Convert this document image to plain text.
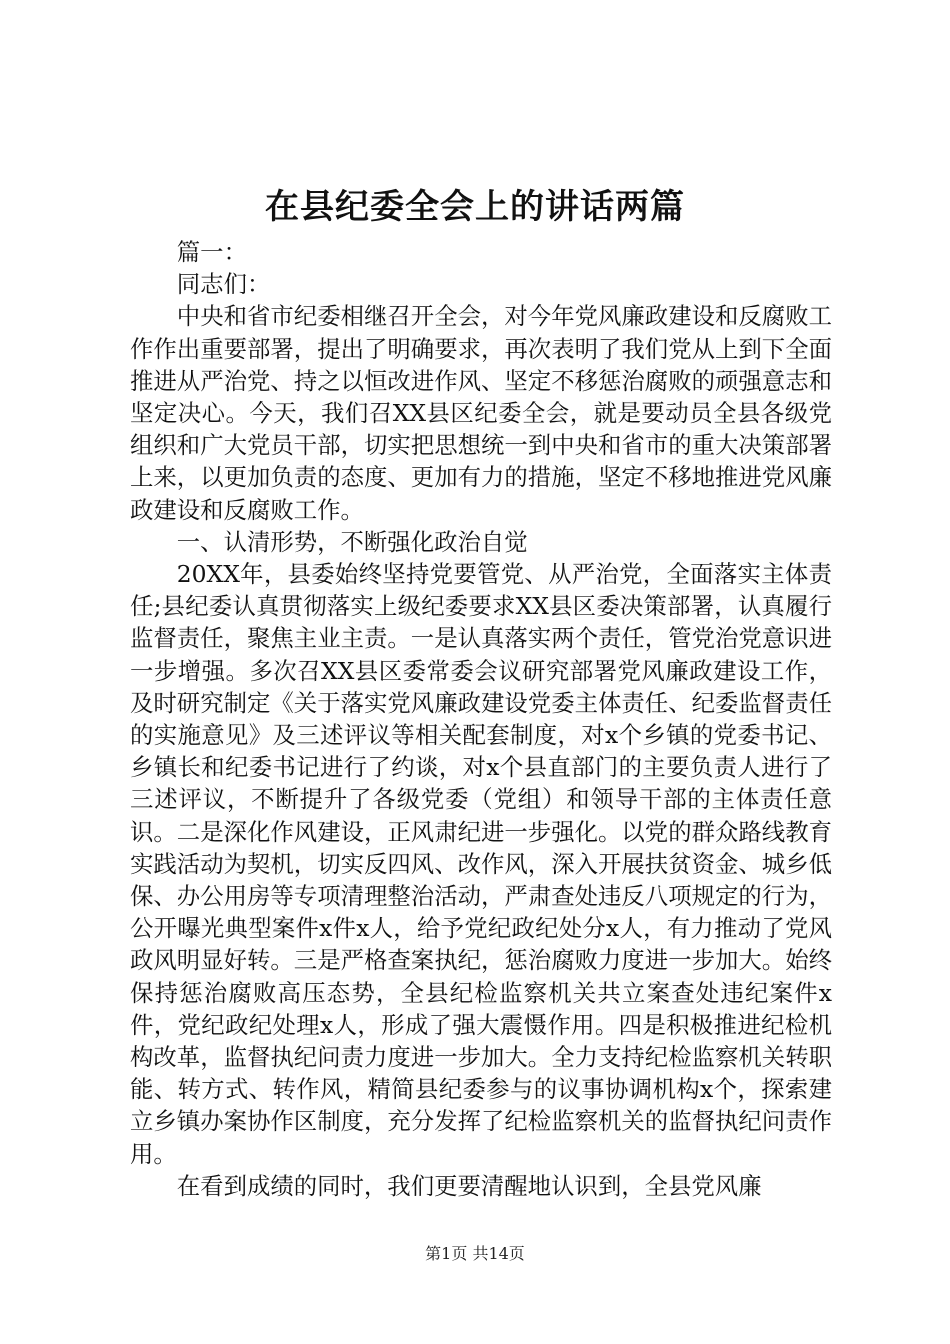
在县纪委全会上的讲话两篇

篇一：

同志们：

中央和省市纪委相继召开全会，对今年党风廉政建设和反腐败工作作出重要部署，提出了明确要求，再次表明了我们党从上到下全面推进从严治党、持之以恒改进作风、坚定不移惩治腐败的顽强意志和坚定决心。今天，我们召XX县区纪委全会，就是要动员全县各级党组织和广大党员干部，切实把思想统一到中央和省市的重大决策部署上来，以更加负责的态度、更加有力的措施，坚定不移地推进党风廉政建设和反腐败工作。

一、认清形势，不断强化政治自觉

20XX年，县委始终坚持党要管党、从严治党，全面落实主体责任;县纪委认真贯彻落实上级纪委要求XX县区委决策部署，认真履行监督责任，聚焦主业主责。一是认真落实两个责任，管党治党意识进一步增强。多次召XX县区委常委会议研究部署党风廉政建设工作，及时研究制定《关于落实党风廉政建设党委主体责任、纪委监督责任的实施意见》及三述评议等相关配套制度，对x个乡镇的党委书记、乡镇长和纪委书记进行了约谈，对x个县直部门的主要负责人进行了三述评议，不断提升了各级党委（党组）和领导干部的主体责任意识。二是深化作风建设，正风肃纪进一步强化。以党的群众路线教育实践活动为契机，切实反四风、改作风，深入开展扶贫资金、城乡低保、办公用房等专项清理整治活动，严肃查处违反八项规定的行为，公开曝光典型案件x件x人，给予党纪政纪处分x人，有力推动了党风政风明显好转。三是严格查案执纪，惩治腐败力度进一步加大。始终保持惩治腐败高压态势，全县纪检监察机关共立案查处违纪案件x件，党纪政纪处理x人，形成了强大震慑作用。四是积极推进纪检机构改革，监督执纪问责力度进一步加大。全力支持纪检监察机关转职能、转方式、转作风，精简县纪委参与的议事协调机构x个，探索建立乡镇办案协作区制度，充分发挥了纪检监察机关的监督执纪问责作用。

在看到成绩的同时，我们更要清醒地认识到，全县党风廉

第1页 共14页
